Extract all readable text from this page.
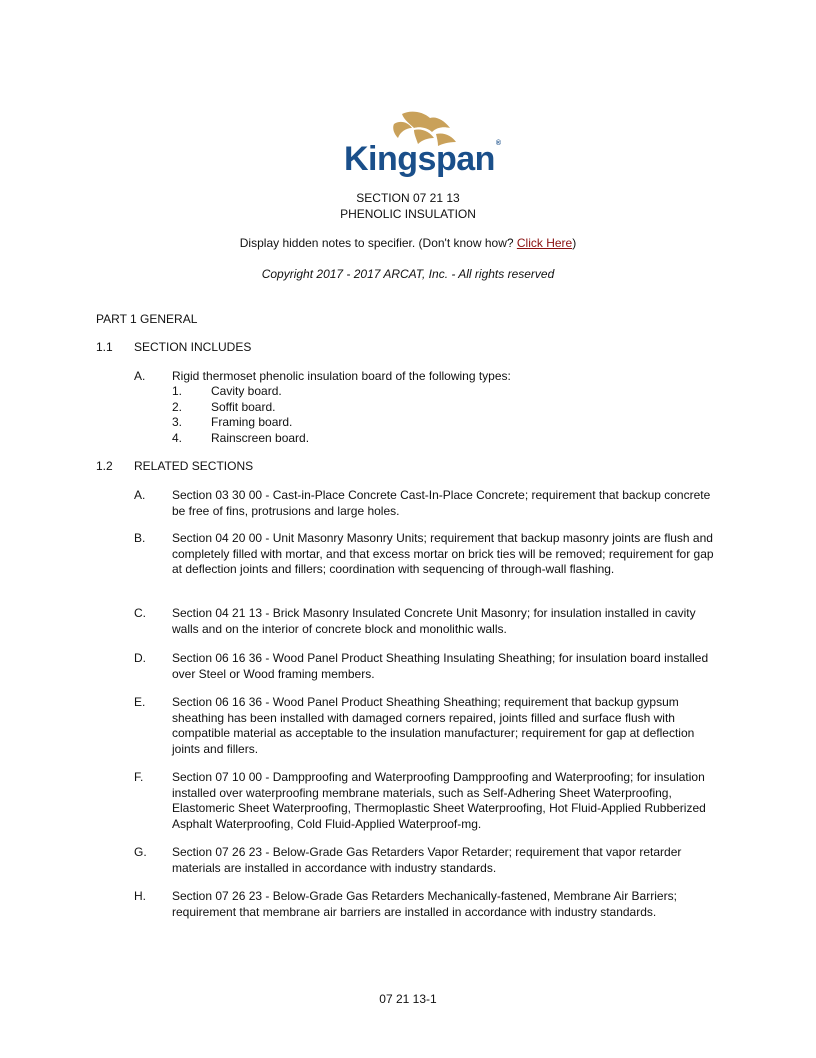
Kingspan®
SECTION 07 21 13
PHENOLIC INSULATION
Display hidden notes to specifier. (Don't know how? Click Here)
Copyright 2017 - 2017 ARCAT, Inc. - All rights reserved
PART 1 GENERAL
1.1 SECTION INCLUDES
A. Rigid thermoset phenolic insulation board of the following types:
1. Cavity board.
2. Soffit board.
3. Framing board.
4. Rainscreen board.
1.2 RELATED SECTIONS
A. Section 03 30 00 - Cast-in-Place Concrete Cast-In-Place Concrete; requirement that backup concrete be free of fins, protrusions and large holes.
B. Section 04 20 00 - Unit Masonry Masonry Units; requirement that backup masonry joints are flush and completely filled with mortar, and that excess mortar on brick ties will be removed; requirement for gap at deflection joints and fillers; coordination with sequencing of through-wall flashing.
C. Section 04 21 13 - Brick Masonry Insulated Concrete Unit Masonry; for insulation installed in cavity walls and on the interior of concrete block and monolithic walls.
D. Section 06 16 36 - Wood Panel Product Sheathing Insulating Sheathing; for insulation board installed over Steel or Wood framing members.
E. Section 06 16 36 - Wood Panel Product Sheathing Sheathing; requirement that backup gypsum sheathing has been installed with damaged corners repaired, joints filled and surface flush with compatible material as acceptable to the insulation manufacturer; requirement for gap at deflection joints and fillers.
F. Section 07 10 00 - Dampproofing and Waterproofing Dampproofing and Waterproofing; for insulation installed over waterproofing membrane materials, such as Self-Adhering Sheet Waterproofing, Elastomeric Sheet Waterproofing, Thermoplastic Sheet Waterproofing, Hot Fluid-Applied Rubberized Asphalt Waterproofing, Cold Fluid-Applied Waterproof-mg.
G. Section 07 26 23 - Below-Grade Gas Retarders Vapor Retarder; requirement that vapor retarder materials are installed in accordance with industry standards.
H. Section 07 26 23 - Below-Grade Gas Retarders Mechanically-fastened, Membrane Air Barriers; requirement that membrane air barriers are installed in accordance with industry standards.
07 21 13-1
